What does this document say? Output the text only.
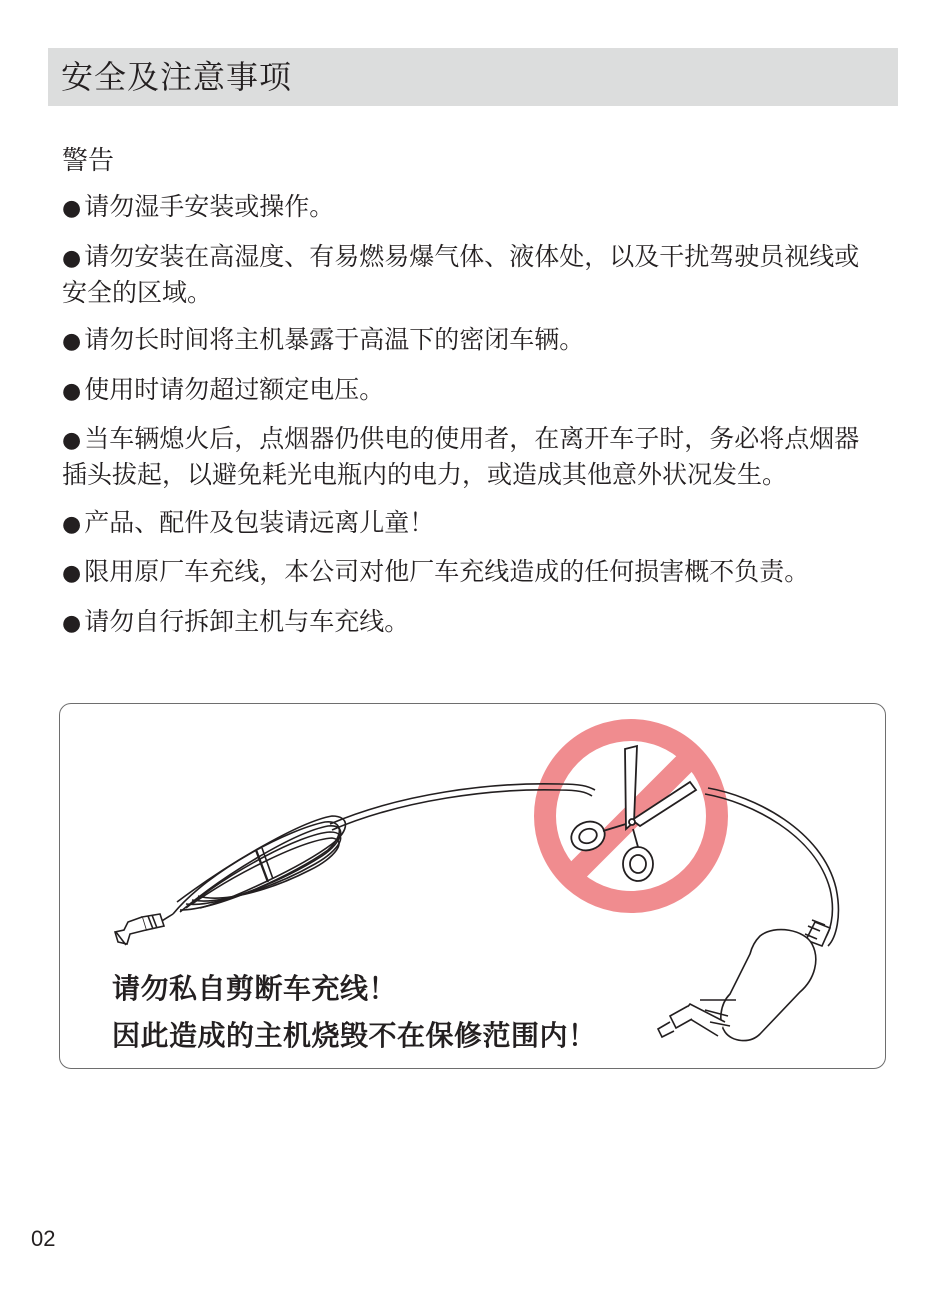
安全及注意事项
警告
● 请勿湿手安装或操作。
● 请勿安装在高湿度、有易燃易爆气体、液体处，以及干扰驾驶员视线或安全的区域。
● 请勿长时间将主机暴露于高温下的密闭车辆。
● 使用时请勿超过额定电压。
● 当车辆熄火后，点烟器仍供电的使用者，在离开车子时，务必将点烟器插头拔起，以避免耗光电瓶内的电力，或造成其他意外状况发生。
● 产品、配件及包装请远离儿童！
● 限用原厂车充线，本公司对他厂车充线造成的任何损害概不负责。
● 请勿自行拆卸主机与车充线。
请勿私自剪断车充线！
因此造成的主机烧毁不在保修范围内！
02
